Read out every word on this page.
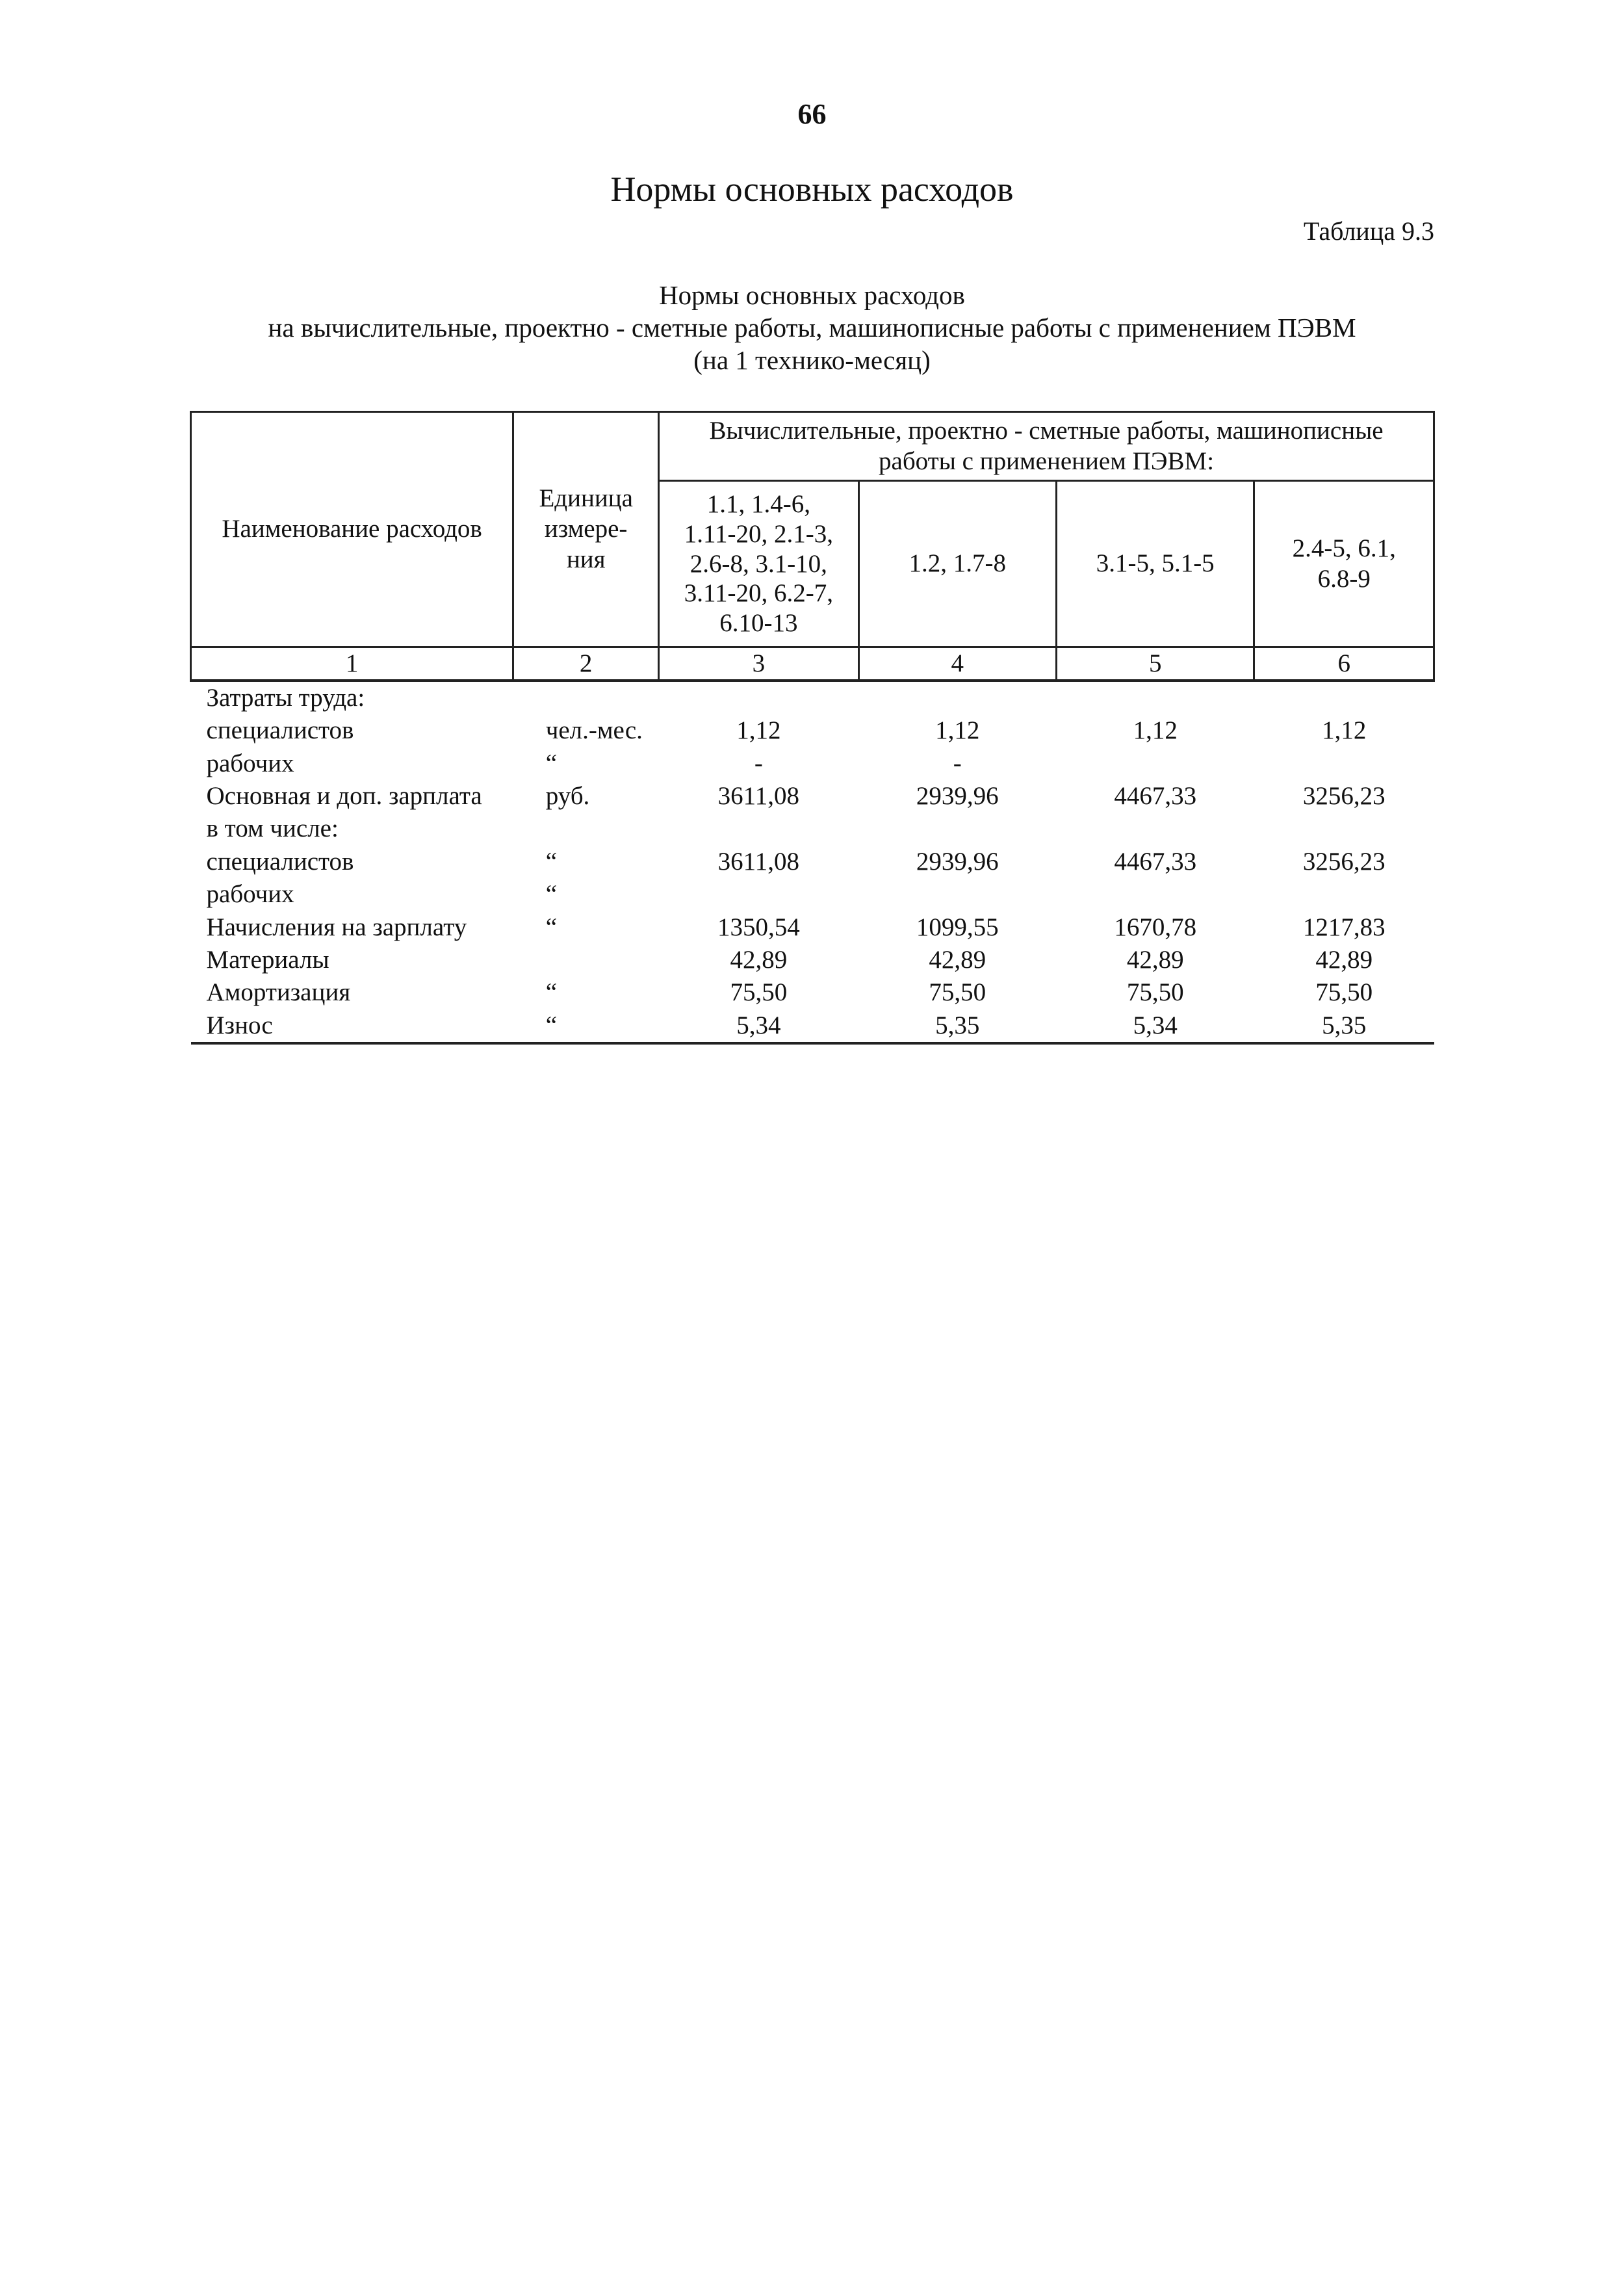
66
Нормы основных расходов
Таблица 9.3
Нормы основных расходов
на вычислительные, проектно - сметные работы, машинописные работы с применением ПЭВМ
(на 1 технико-месяц)
Наименование расходов	Единица
измере-
ния	Вычислительные, проектно - сметные работы, машинописные
работы с применением ПЭВМ:			
		1.1, 1.4-6,
1.11-20, 2.1-3,
2.6-8, 3.1-10,
3.11-20, 6.2-7,
6.10-13	1.2, 1.7-8	3.1-5, 5.1-5	2.4-5, 6.1,
6.8-9
1	2	3	4	5	6
Затраты труда:					
специалистов	чел.-мес.	1,12	1,12	1,12	1,12
рабочих	“	-	-		
Основная и доп. зарплата	руб.	3611,08	2939,96	4467,33	3256,23
в том числе:					
специалистов	“	3611,08	2939,96	4467,33	3256,23
рабочих	“				
Начисления на зарплату	“	1350,54	1099,55	1670,78	1217,83
Материалы		42,89	42,89	42,89	42,89
Амортизация	“	75,50	75,50	75,50	75,50
Износ	“	5,34	5,35	5,34	5,35
